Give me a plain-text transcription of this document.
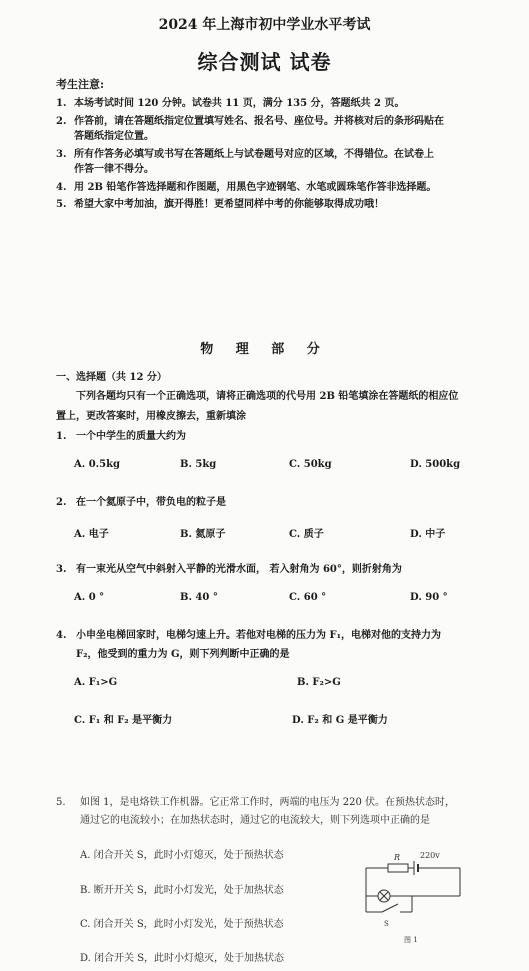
2024 年上海市初中学业水平考试
综合测试 试卷
考生注意:
1. 本场考试时间 120 分钟。试卷共 11 页，满分 135 分，答题纸共 2 页。
2. 作答前，请在答题纸指定位置填写姓名、报名号、座位号。并将核对后的条形码贴在
答题纸指定位置。
3. 所有作答务必填写或书写在答题纸上与试卷题号对应的区域，不得错位。在试卷上
作答一律不得分。
4. 用 2B 铅笔作答选择题和作图题，用黑色字迹钢笔、水笔或圆珠笔作答非选择题。
5. 希望大家中考加油，旗开得胜！更希望同样中考的你能够取得成功哦！
物 理 部 分
一、选择题（共 12 分）
下列各题均只有一个正确选项，请将正确选项的代号用 2B 铅笔填涂在答题纸的相应位
置上，更改答案时，用橡皮擦去，重新填涂
1. 一个中学生的质量大约为
A. 0.5kg	B. 5kg	C. 50kg	D. 500kg
2. 在一个氦原子中，带负电的粒子是
A. 电子	B. 氦原子	C. 质子	D. 中子
3. 有一束光从空气中斜射入平静的光滑水面， 若入射角为 60°，则折射角为
A. 0 °	B. 40 °	C. 60 °	D. 90 °
4. 小申坐电梯回家时，电梯匀速上升。若他对电梯的压力为 F₁，电梯对他的支持力为
F₂，他受到的重力为 G，则下列判断中正确的是
A. F₁>G	B. F₂>G
C. F₁ 和 F₂ 是平衡力	D. F₂ 和 G 是平衡力
5. 如图 1，是电烙铁工作机器。它正常工作时，两端的电压为 220 伏。在预热状态时，
通过它的电流较小；在加热状态时，通过它的电流较大，则下列选项中正确的是
A. 闭合开关 S，此时小灯熄灭，处于预热状态
B. 断开开关 S，此时小灯发光，处于加热状态
C. 闭合开关 S，此时小灯发光，处于预热状态
D. 闭合开关 S，此时小灯熄灭，处于加热状态
R 220v
S
图 1
